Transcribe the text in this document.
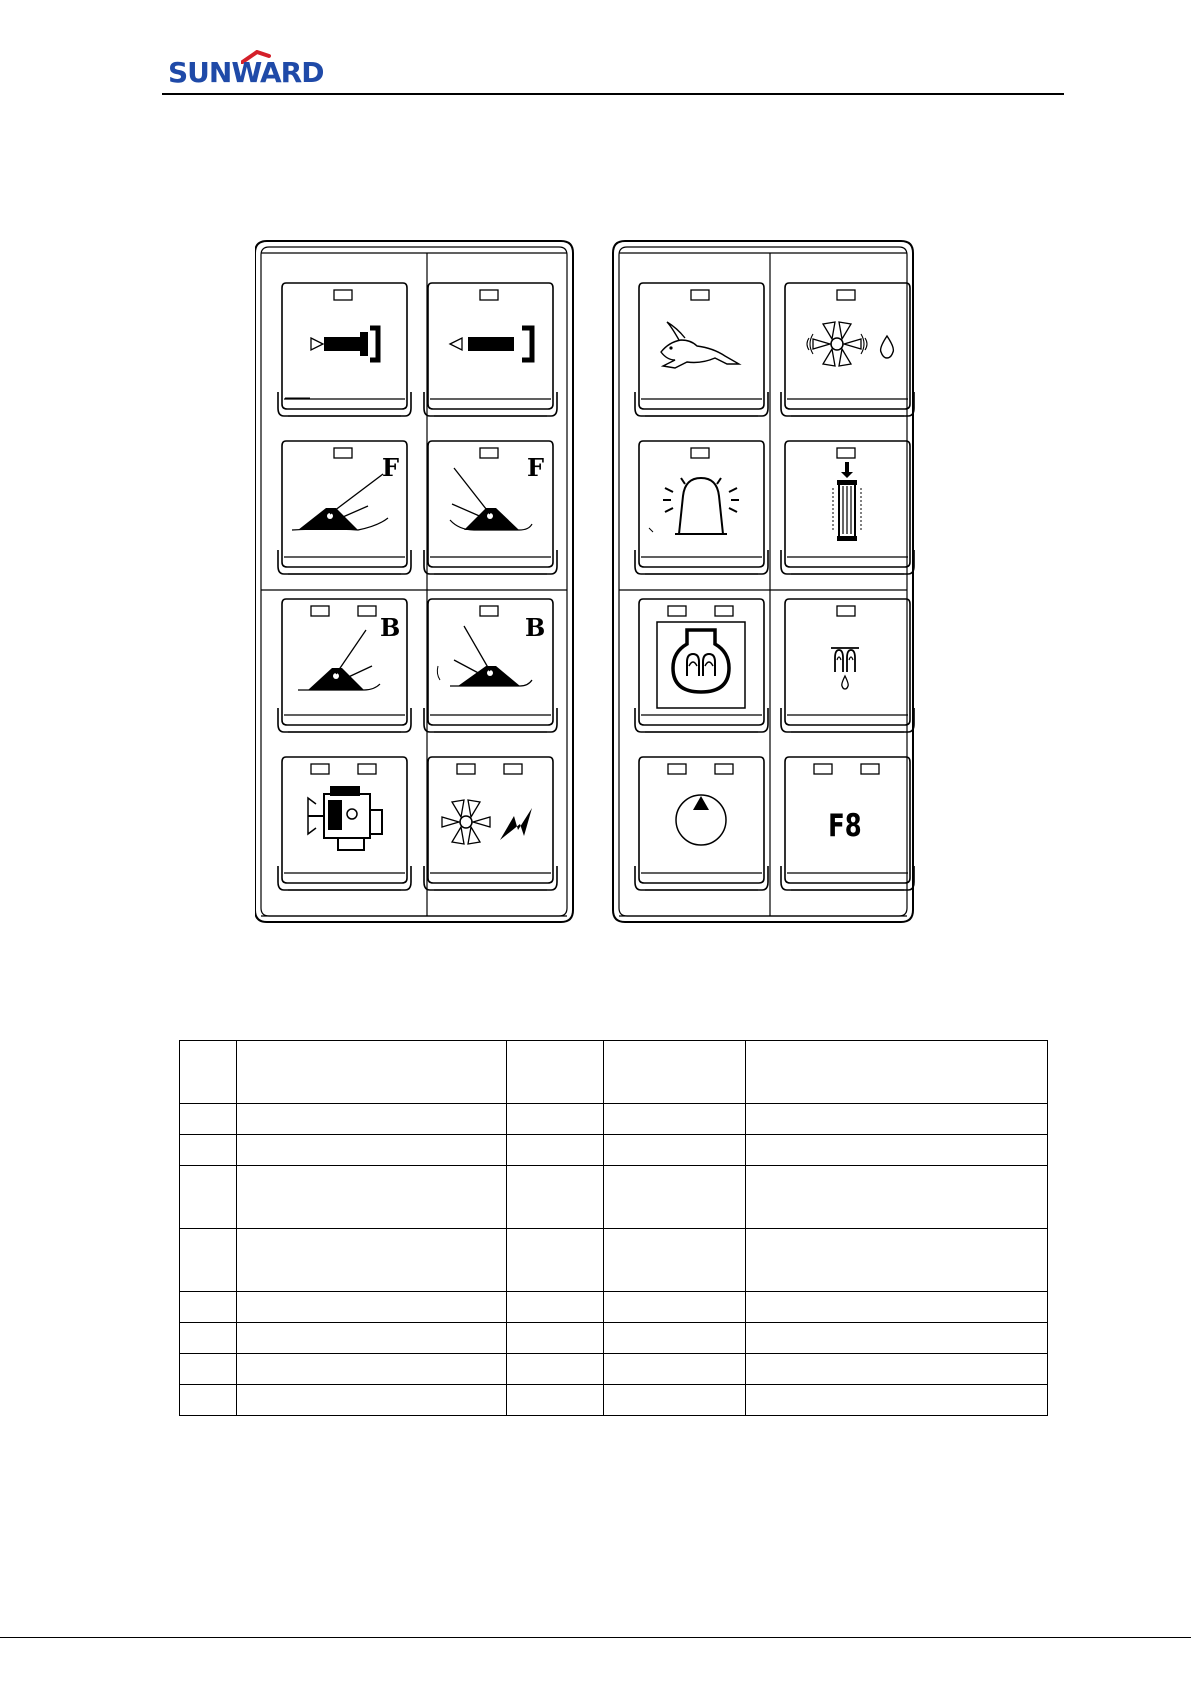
SUNWARD
F	F
B	B
F8
